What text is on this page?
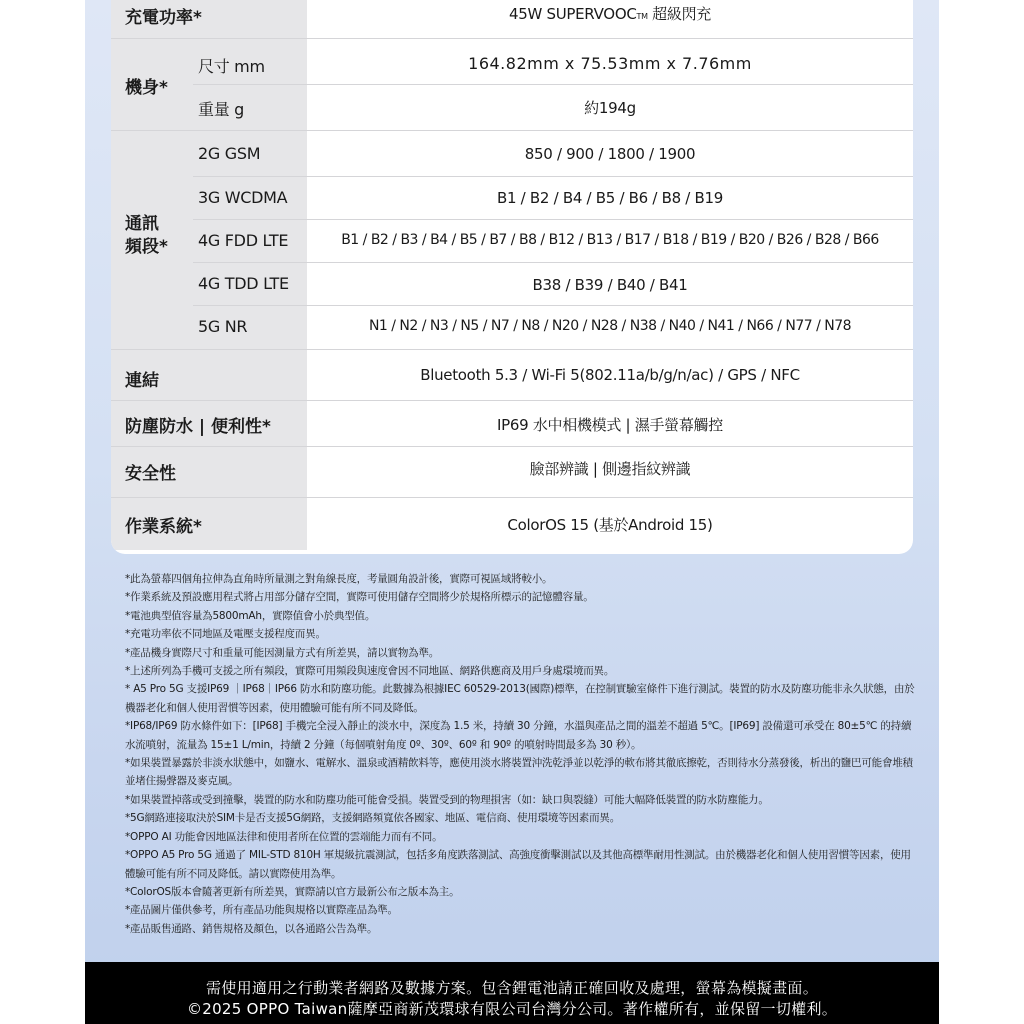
充電功率*	45W SUPERVOOCTM 超級閃充
機身*
尺寸 mm	164.82mm x 75.53mm x 7.76mm
重量 g	約194g
通訊
頻段*
2G GSM	850 / 900 / 1800 / 1900
3G WCDMA	B1 / B2 / B4 / B5 / B6 / B8 / B19
4G FDD LTE	B1 / B2 / B3 / B4 / B5 / B7 / B8 / B12 / B13 / B17 / B18 / B19 / B20 / B26 / B28 / B66
4G TDD LTE	B38 / B39 / B40 / B41
5G NR	N1 / N2 / N3 / N5 / N7 / N8 / N20 / N28 / N38 / N40 / N41 / N66 / N77 / N78
連結	Bluetooth 5.3 / Wi-Fi 5(802.11a/b/g/n/ac) / GPS / NFC
防塵防水 | 便利性*	IP69 水中相機模式 | 濕手螢幕觸控
安全性	臉部辨識 | 側邊指紋辨識
作業系統*	ColorOS 15 (基於Android 15)

*此為螢幕四個角拉伸為直角時所量測之對角線長度，考量圓角設計後，實際可視區域將較小。

*作業系統及預設應用程式將占用部分儲存空間，實際可使用儲存空間將少於規格所標示的記憶體容量。

*電池典型值容量為5800mAh，實際值會小於典型值。

*充電功率依不同地區及電壓支援程度而異。

*產品機身實際尺寸和重量可能因測量方式有所差異，請以實物為準。

*上述所列為手機可支援之所有頻段，實際可用頻段與速度會因不同地區、網路供應商及用戶身處環境而異。

* A5 Pro 5G 支援IP69 ｜IP68｜IP66 防水和防塵功能。此數據為根據IEC 60529-2013(國際)標準，在控制實驗室條件下進行測試。裝置的防水及防塵功能非永久狀態，由於機器老化和個人使用習慣等因素，使用體驗可能有所不同及降低。

*IP68/IP69 防水條件如下：[IP68] 手機完全浸入靜止的淡水中，深度為 1.5 米，持續 30 分鐘，水溫與產品之間的溫差不超過 5℃。[IP69] 設備還可承受在 80±5℃ 的持續水流噴射，流量為 15±1 L/min，持續 2 分鐘（每個噴射角度 0º、30º、60º 和 90º 的噴射時間最多為 30 秒）。

*如果裝置暴露於非淡水狀態中，如鹽水、電解水、溫泉或酒精飲料等，應使用淡水將裝置沖洗乾淨並以乾淨的軟布將其徹底擦乾，否則待水分蒸發後，析出的鹽巴可能會堆積並堵住揚聲器及麥克風。

*如果裝置掉落或受到撞擊，裝置的防水和防塵功能可能會受損。裝置受到的物理損害（如：缺口與裂縫）可能大幅降低裝置的防水防塵能力。

*5G網路連接取決於SIM卡是否支援5G網路，支援網路頻寬依各國家、地區、電信商、使用環境等因素而異。

*OPPO AI 功能會因地區法律和使用者所在位置的雲端能力而有不同。

*OPPO A5 Pro 5G 通過了 MIL-STD 810H 軍規級抗震測試，包括多角度跌落測試、高強度衝擊測試以及其他高標準耐用性測試。由於機器老化和個人使用習慣等因素，使用體驗可能有所不同及降低。請以實際使用為準。

*ColorOS版本會隨著更新有所差異，實際請以官方最新公布之版本為主。

*產品圖片僅供參考，所有產品功能與規格以實際產品為準。

*產品販售通路、銷售規格及顏色，以各通路公告為準。

需使用適用之行動業者網路及數據方案。包含鋰電池請正確回收及處理，螢幕為模擬畫面。
©2025 OPPO Taiwan薩摩亞商新茂環球有限公司台灣分公司。著作權所有，並保留一切權利。
